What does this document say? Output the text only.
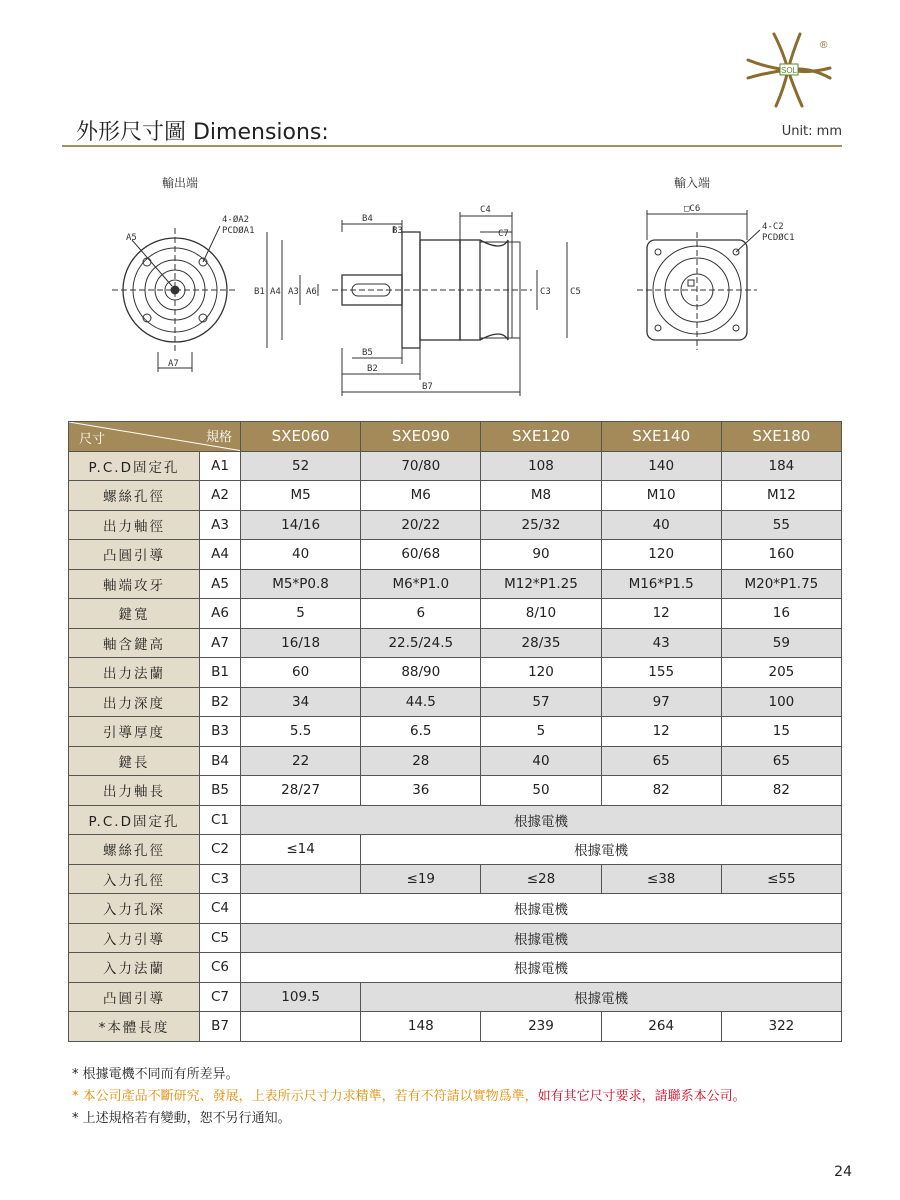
SOL
®
外形尺寸圖 Dimensions:	Unit: mm
輸出端	輸入端
4-ØA2
PCDØA1
A5
A7
B4
B3
C4
C7
B1 A4 A3 A6	C3 C5
B5
B2
B7
□C6
4-C2
PCDØC1
規格
尺寸		SXE060	SXE090	SXE120	SXE140	SXE180
P.C.D固定孔	A1	52	70/80	108	140	184
螺絲孔徑	A2	M5	M6	M8	M10	M12
出力軸徑	A3	14/16	20/22	25/32	40	55
凸圓引導	A4	40	60/68	90	120	160
軸端攻牙	A5	M5*P0.8	M6*P1.0	M12*P1.25	M16*P1.5	M20*P1.75
鍵寬	A6	5	6	8/10	12	16
軸含鍵高	A7	16/18	22.5/24.5	28/35	43	59
出力法蘭	B1	60	88/90	120	155	205
出力深度	B2	34	44.5	57	97	100
引導厚度	B3	5.5	6.5	5	12	15
鍵長	B4	22	28	40	65	65
出力軸長	B5	28/27	36	50	82	82
P.C.D固定孔	C1	根據電機				
螺絲孔徑	C2	≤14	根據電機			
入力孔徑	C3		≤19	≤28	≤38	≤55
入力孔深	C4	根據電機				
入力引導	C5	根據電機				
入力法蘭	C6	根據電機				
凸圓引導	C7	109.5	根據電機			
*本體長度	B7		148	239	264	322
* 根據電機不同而有所差异。
* 本公司產品不斷研究、發展，上表所示尺寸力求精準，若有不符請以實物爲準，如有其它尺寸要求，請聯系本公司。
* 上述規格若有變動，恕不另行通知。
24
